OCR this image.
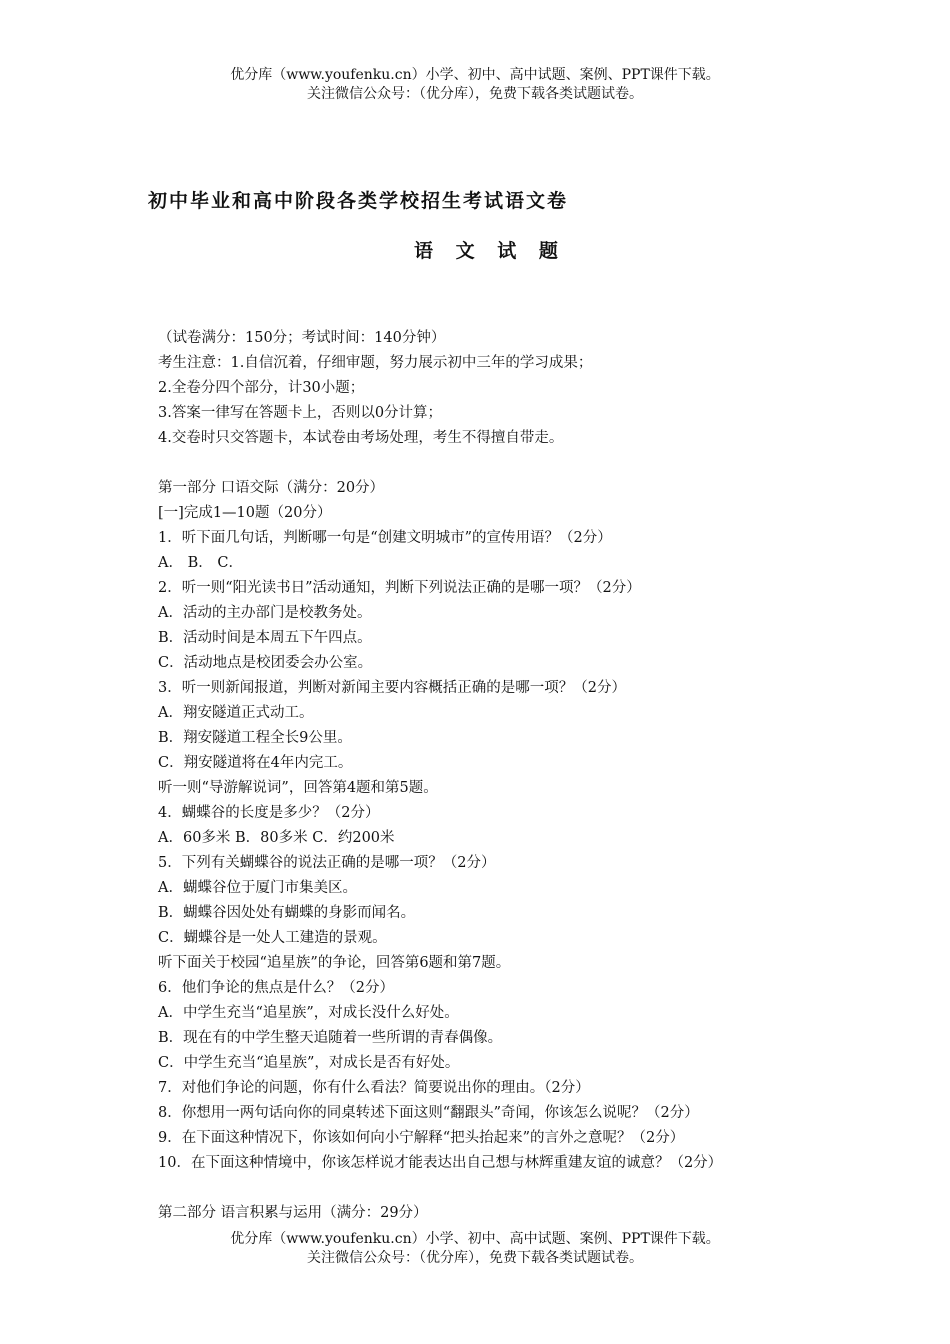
优分库（www.youfenku.cn）小学、初中、高中试题、案例、PPT课件下载。
关注微信公众号：（优分库），免费下载各类试题试卷。
初中毕业和高中阶段各类学校招生考试语文卷
语 文 试 题
（试卷满分：150分；考试时间：140分钟）
考生注意：1.自信沉着，仔细审题，努力展示初中三年的学习成果；
2.全卷分四个部分，计30小题；
3.答案一律写在答题卡上，否则以0分计算；
4.交卷时只交答题卡，本试卷由考场处理，考生不得擅自带走。
第一部分 口语交际（满分：20分）
[一]完成1—10题（20分）
1．听下面几句话，判断哪一句是“创建文明城市”的宣传用语？（2分）
A． B． C．
2．听一则“阳光读书日”活动通知，判断下列说法正确的是哪一项？（2分）
A．活动的主办部门是校教务处。
B．活动时间是本周五下午四点。
C．活动地点是校团委会办公室。
3．听一则新闻报道，判断对新闻主要内容概括正确的是哪一项？（2分）
A．翔安隧道正式动工。
B．翔安隧道工程全长9公里。
C．翔安隧道将在4年内完工。
听一则“导游解说词”，回答第4题和第5题。
4．蝴蝶谷的长度是多少？（2分）
A．60多米 B．80多米 C．约200米
5．下列有关蝴蝶谷的说法正确的是哪一项？（2分）
A．蝴蝶谷位于厦门市集美区。
B．蝴蝶谷因处处有蝴蝶的身影而闻名。
C．蝴蝶谷是一处人工建造的景观。
听下面关于校园“追星族”的争论，回答第6题和第7题。
6．他们争论的焦点是什么？（2分）
A．中学生充当“追星族”，对成长没什么好处。
B．现在有的中学生整天追随着一些所谓的青春偶像。
C．中学生充当“追星族”，对成长是否有好处。
7．对他们争论的问题，你有什么看法？简要说出你的理由。（2分）
8．你想用一两句话向你的同桌转述下面这则“翻跟头”奇闻，你该怎么说呢？（2分）
9．在下面这种情况下，你该如何向小宁解释“把头抬起来”的言外之意呢？（2分）
10．在下面这种情境中，你该怎样说才能表达出自己想与林辉重建友谊的诚意？（2分）
第二部分 语言积累与运用（满分：29分）
优分库（www.youfenku.cn）小学、初中、高中试题、案例、PPT课件下载。
关注微信公众号：（优分库），免费下载各类试题试卷。
